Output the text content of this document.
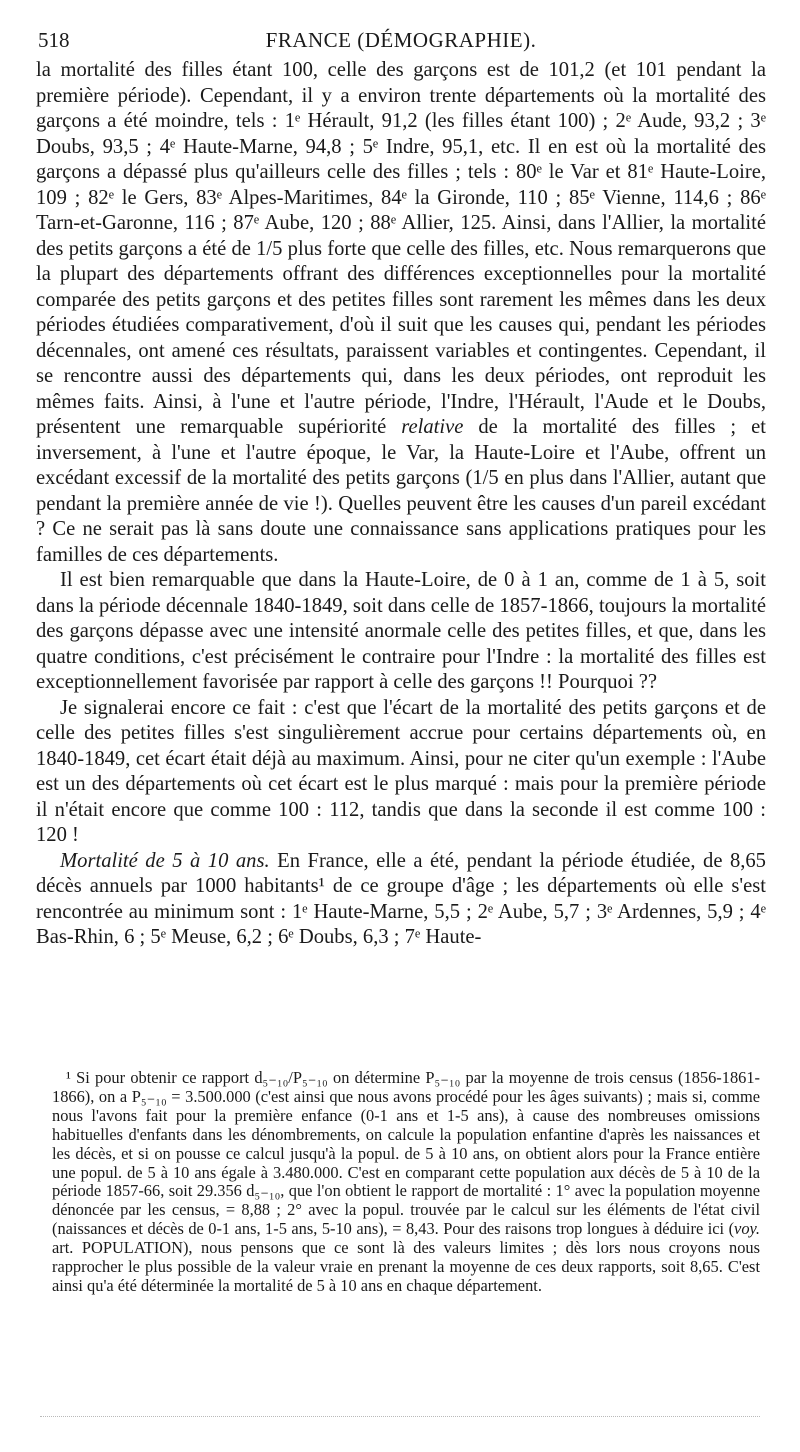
518	FRANCE (DÉMOGRAPHIE).

la mortalité des filles étant 100, celle des garçons est de 101,2 (et 101 pendant la première période). Cependant, il y a environ trente départements où la mortalité des garçons a été moindre, tels : 1ᵉ Hérault, 91,2 (les filles étant 100) ; 2ᵉ Aude, 93,2 ; 3ᵉ Doubs, 93,5 ; 4ᵉ Haute-Marne, 94,8 ; 5ᵉ Indre, 95,1, etc. Il en est où la mortalité des garçons a dépassé plus qu'ailleurs celle des filles ; tels : 80ᵉ le Var et 81ᵉ Haute-Loire, 109 ; 82ᵉ le Gers, 83ᵉ Alpes-Maritimes, 84ᵉ la Gironde, 110 ; 85ᵉ Vienne, 114,6 ; 86ᵉ Tarn-et-Garonne, 116 ; 87ᵉ Aube, 120 ; 88ᵉ Allier, 125. Ainsi, dans l'Allier, la mortalité des petits garçons a été de 1/5 plus forte que celle des filles, etc. Nous remarquerons que la plupart des départements offrant des différences exceptionnelles pour la mortalité comparée des petits garçons et des petites filles sont rarement les mêmes dans les deux périodes étudiées comparativement, d'où il suit que les causes qui, pendant les périodes décennales, ont amené ces résultats, paraissent variables et contingentes. Cependant, il se rencontre aussi des départements qui, dans les deux périodes, ont reproduit les mêmes faits. Ainsi, à l'une et l'autre période, l'Indre, l'Hérault, l'Aude et le Doubs, présentent une remarquable supériorité relative de la mortalité des filles ; et inversement, à l'une et l'autre époque, le Var, la Haute-Loire et l'Aube, offrent un excédant excessif de la mortalité des petits garçons (1/5 en plus dans l'Allier, autant que pendant la première année de vie !). Quelles peuvent être les causes d'un pareil excédant ? Ce ne serait pas là sans doute une connaissance sans applications pratiques pour les familles de ces départements.

Il est bien remarquable que dans la Haute-Loire, de 0 à 1 an, comme de 1 à 5, soit dans la période décennale 1840-1849, soit dans celle de 1857-1866, toujours la mortalité des garçons dépasse avec une intensité anormale celle des petites filles, et que, dans les quatre conditions, c'est précisément le contraire pour l'Indre : la mortalité des filles est exceptionnellement favorisée par rapport à celle des garçons !! Pourquoi ??

Je signalerai encore ce fait : c'est que l'écart de la mortalité des petits garçons et de celle des petites filles s'est singulièrement accrue pour certains départements où, en 1840-1849, cet écart était déjà au maximum. Ainsi, pour ne citer qu'un exemple : l'Aube est un des départements où cet écart est le plus marqué : mais pour la première période il n'était encore que comme 100 : 112, tandis que dans la seconde il est comme 100 : 120 !

Mortalité de 5 à 10 ans. En France, elle a été, pendant la période étudiée, de 8,65 décès annuels par 1000 habitants¹ de ce groupe d'âge ; les départements où elle s'est rencontrée au minimum sont : 1ᵉ Haute-Marne, 5,5 ; 2ᵉ Aube, 5,7 ; 3ᵉ Ardennes, 5,9 ; 4ᵉ Bas-Rhin, 6 ; 5ᵉ Meuse, 6,2 ; 6ᵉ Doubs, 6,3 ; 7ᵉ Haute-

¹ Si pour obtenir ce rapport d₅₋₁₀/P₅₋₁₀ on détermine P₅₋₁₀ par la moyenne de trois census (1856-1861-1866), on a P₅₋₁₀ = 3.500.000 (c'est ainsi que nous avons procédé pour les âges suivants) ; mais si, comme nous l'avons fait pour la première enfance (0-1 ans et 1-5 ans), à cause des nombreuses omissions habituelles d'enfants dans les dénombrements, on calcule la population enfantine d'après les naissances et les décès, et si on pousse ce calcul jusqu'à la popul. de 5 à 10 ans, on obtient alors pour la France entière une popul. de 5 à 10 ans égale à 3.480.000. C'est en comparant cette population aux décès de 5 à 10 de la période 1857-66, soit 29.356 d₅₋₁₀, que l'on obtient le rapport de mortalité : 1° avec la population moyenne dénoncée par les census, = 8,88 ; 2° avec la popul. trouvée par le calcul sur les éléments de l'état civil (naissances et décès de 0-1 ans, 1-5 ans, 5-10 ans), = 8,43. Pour des raisons trop longues à déduire ici (voy. art. POPULATION), nous pensons que ce sont là des valeurs limites ; dès lors nous croyons nous rapprocher le plus possible de la valeur vraie en prenant la moyenne de ces deux rapports, soit 8,65. C'est ainsi qu'a été déterminée la mortalité de 5 à 10 ans en chaque département.
